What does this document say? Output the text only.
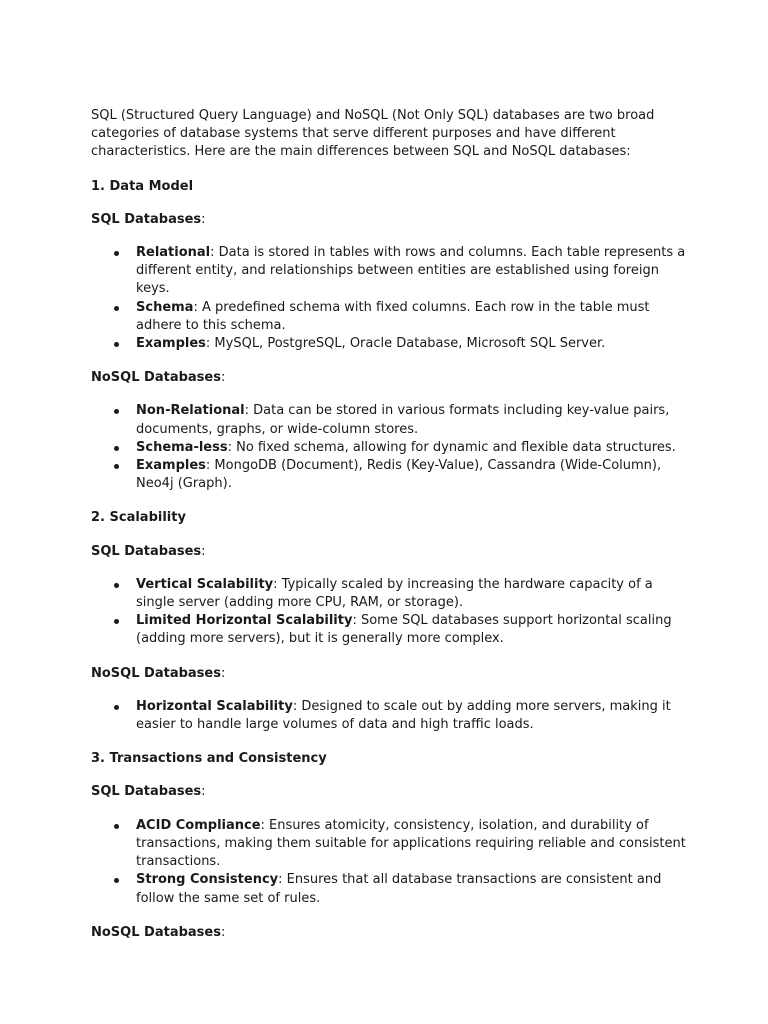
SQL (Structured Query Language) and NoSQL (Not Only SQL) databases are two broad categories of database systems that serve different purposes and have different characteristics. Here are the main differences between SQL and NoSQL databases:

1. Data Model

SQL Databases:

Relational: Data is stored in tables with rows and columns. Each table represents a different entity, and relationships between entities are established using foreign keys.
Schema: A predefined schema with fixed columns. Each row in the table must adhere to this schema.
Examples: MySQL, PostgreSQL, Oracle Database, Microsoft SQL Server.

NoSQL Databases:

Non-Relational: Data can be stored in various formats including key-value pairs, documents, graphs, or wide-column stores.
Schema-less: No fixed schema, allowing for dynamic and flexible data structures.
Examples: MongoDB (Document), Redis (Key-Value), Cassandra (Wide-Column), Neo4j (Graph).
2. Scalability

SQL Databases:

Vertical Scalability: Typically scaled by increasing the hardware capacity of a single server (adding more CPU, RAM, or storage).
Limited Horizontal Scalability: Some SQL databases support horizontal scaling (adding more servers), but it is generally more complex.

NoSQL Databases:

Horizontal Scalability: Designed to scale out by adding more servers, making it easier to handle large volumes of data and high traffic loads.
3. Transactions and Consistency

SQL Databases:

ACID Compliance: Ensures atomicity, consistency, isolation, and durability of transactions, making them suitable for applications requiring reliable and consistent transactions.
Strong Consistency: Ensures that all database transactions are consistent and follow the same set of rules.

NoSQL Databases:
